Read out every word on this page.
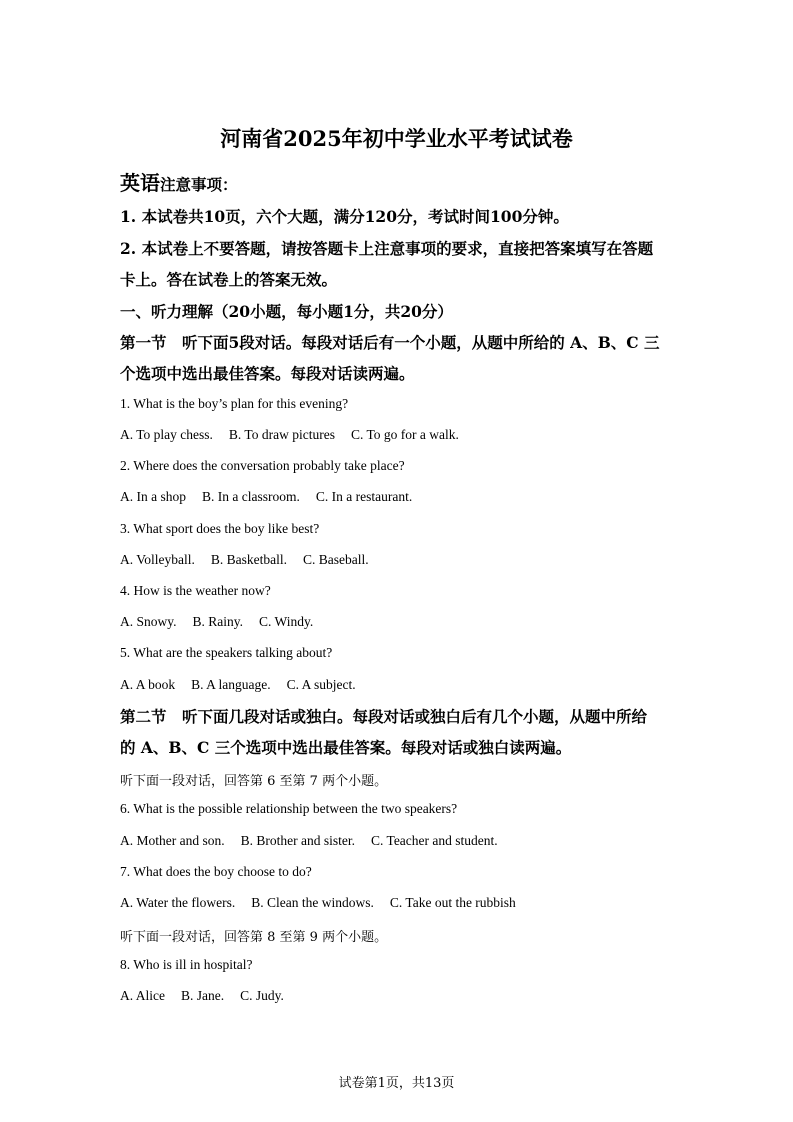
河南省2025年初中学业水平考试试卷
英语注意事项：
1. 本试卷共10页，六个大题，满分120分，考试时间100分钟。
2. 本试卷上不要答题，请按答题卡上注意事项的要求，直接把答案填写在答题
卡上。答在试卷上的答案无效。
一、听力理解（20小题，每小题1分，共20分）
第一节　听下面5段对话。每段对话后有一个小题，从题中所给的 A、B、C 三
个选项中选出最佳答案。每段对话读两遍。
1. What is the boy’s plan for this evening?
A. To play chess. B. To draw pictures C. To go for a walk.
2. Where does the conversation probably take place?
A. In a shop B. In a classroom. C. In a restaurant.
3. What sport does the boy like best?
A. Volleyball. B. Basketball. C. Baseball.
4. How is the weather now?
A. Snowy. B. Rainy. C. Windy.
5. What are the speakers talking about?
A. A book B. A language. C. A subject.
第二节　听下面几段对话或独白。每段对话或独白后有几个小题，从题中所给
的 A、B、C 三个选项中选出最佳答案。每段对话或独白读两遍。
听下面一段对话，回答第 6 至第 7 两个小题。
6. What is the possible relationship between the two speakers?
A. Mother and son. B. Brother and sister. C. Teacher and student.
7. What does the boy choose to do?
A. Water the flowers. B. Clean the windows. C. Take out the rubbish
听下面一段对话，回答第 8 至第 9 两个小题。
8. Who is ill in hospital?
A. Alice B. Jane. C. Judy.
试卷第1页，共13页
